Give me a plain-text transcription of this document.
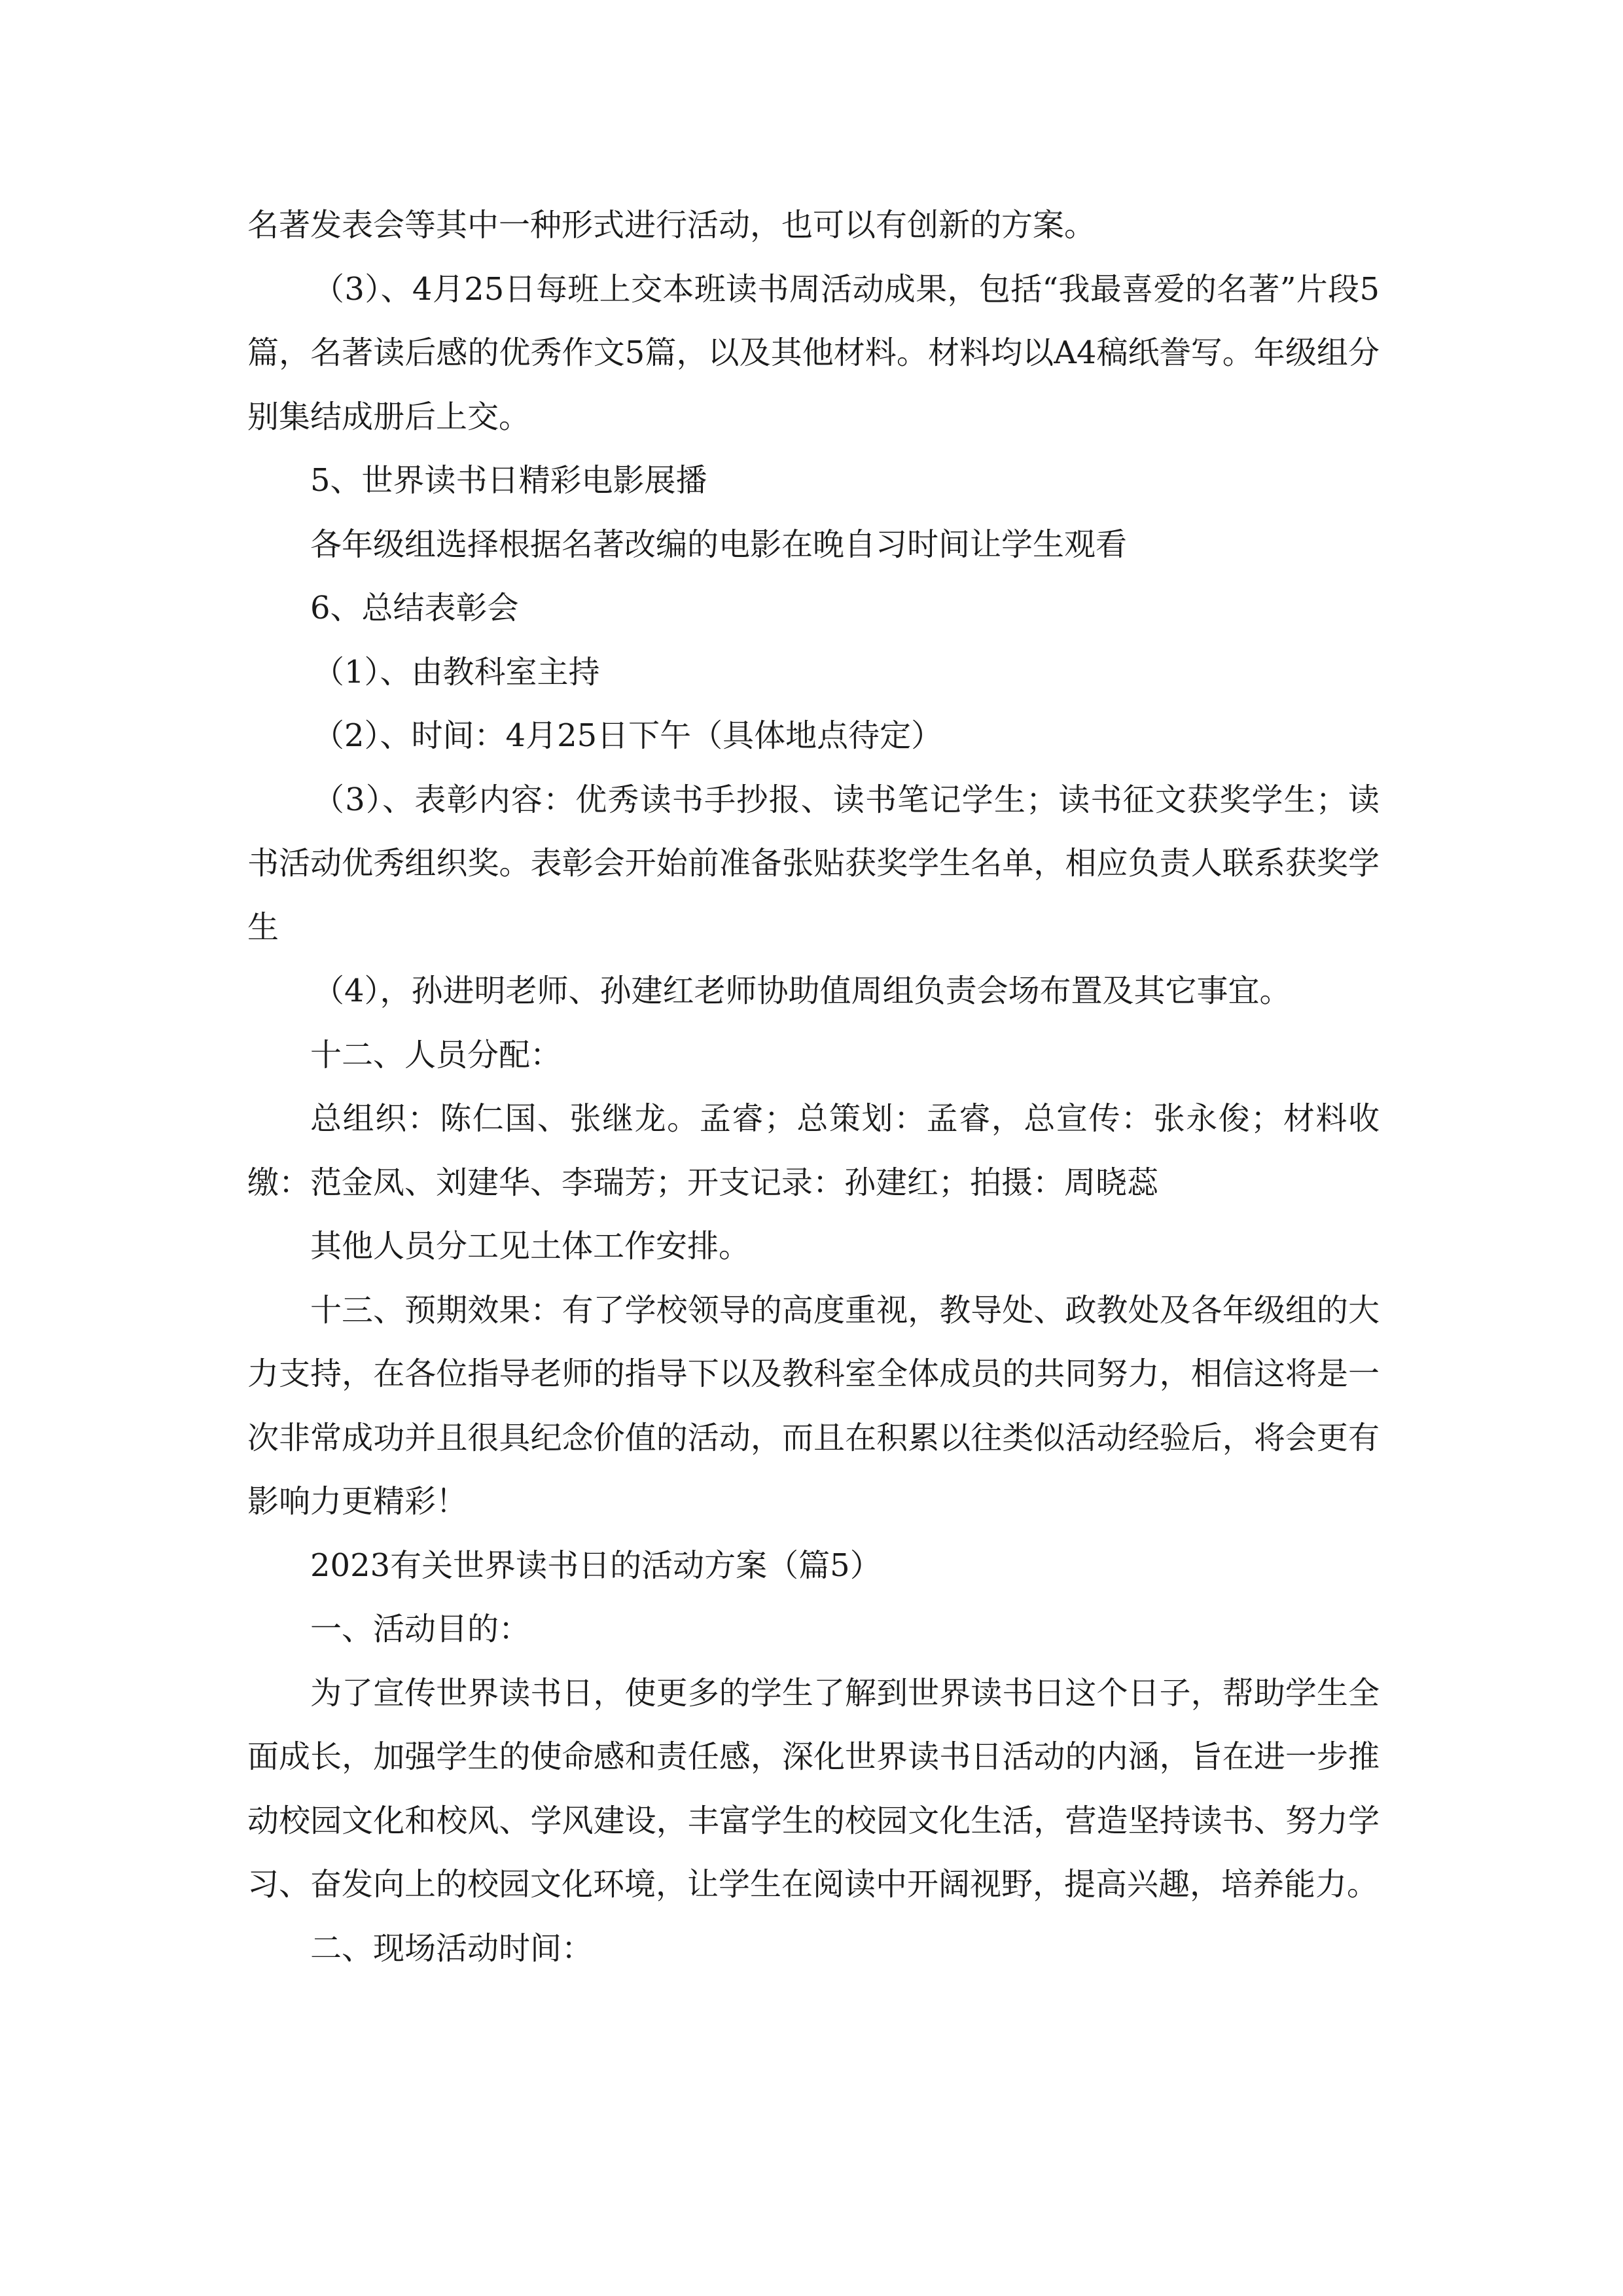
名著发表会等其中一种形式进行活动，也可以有创新的方案。

（3）、4月25日每班上交本班读书周活动成果，包括“我最喜爱的名著”片段5篇，名著读后感的优秀作文5篇，以及其他材料。材料均以A4稿纸誊写。年级组分别集结成册后上交。

5、世界读书日精彩电影展播

各年级组选择根据名著改编的电影在晚自习时间让学生观看

6、总结表彰会

（1）、由教科室主持

（2）、时间：4月25日下午（具体地点待定）

（3）、表彰内容：优秀读书手抄报、读书笔记学生；读书征文获奖学生；读书活动优秀组织奖。表彰会开始前准备张贴获奖学生名单，相应负责人联系获奖学生

（4），孙进明老师、孙建红老师协助值周组负责会场布置及其它事宜。

十二、人员分配：

总组织：陈仁国、张继龙。孟睿；总策划：孟睿，总宣传：张永俊；材料收缴：范金凤、刘建华、李瑞芳；开支记录：孙建红；拍摄：周晓蕊

其他人员分工见土体工作安排。

十三、预期效果：有了学校领导的高度重视，教导处、政教处及各年级组的大力支持，在各位指导老师的指导下以及教科室全体成员的共同努力，相信这将是一次非常成功并且很具纪念价值的活动，而且在积累以往类似活动经验后，将会更有影响力更精彩！

2023有关世界读书日的活动方案（篇5）

一、活动目的：

为了宣传世界读书日，使更多的学生了解到世界读书日这个日子，帮助学生全面成长，加强学生的使命感和责任感，深化世界读书日活动的内涵，旨在进一步推动校园文化和校风、学风建设，丰富学生的校园文化生活，营造坚持读书、努力学习、奋发向上的校园文化环境，让学生在阅读中开阔视野，提高兴趣，培养能力。

二、现场活动时间：
